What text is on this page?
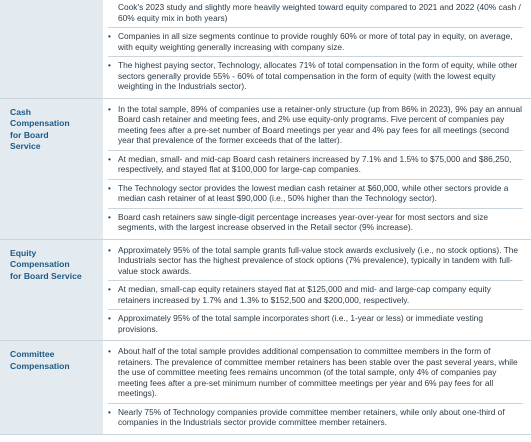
Cook's 2023 study and slightly more heavily weighted toward equity compared to 2021 and 2022 (40% cash / 60% equity mix in both years)
• Companies in all size segments continue to provide roughly 60% or more of total pay in equity, on average, with equity weighting generally increasing with company size.
• The highest paying sector, Technology, allocates 71% of total compensation in the form of equity, while other sectors generally provide 55% - 60% of total compensation in the form of equity (with the lowest equity weighting in the Industrials sector).
Cash
Compensation
for Board
Service
• In the total sample, 89% of companies use a retainer-only structure (up from 86% in 2023), 9% pay an annual Board cash retainer and meeting fees, and 2% use equity-only programs. Five percent of companies pay meeting fees after a pre-set number of Board meetings per year and 4% pay fees for all meetings (second year that prevalence of the former exceeds that of the latter).
• At median, small- and mid-cap Board cash retainers increased by 7.1% and 1.5% to $75,000 and $86,250, respectively, and stayed flat at $100,000 for large-cap companies.
• The Technology sector provides the lowest median cash retainer at $60,000, while other sectors provide a median cash retainer of at least $90,000 (i.e., 50% higher than the Technology sector).
• Board cash retainers saw single-digit percentage increases year-over-year for most sectors and size segments, with the largest increase observed in the Retail sector (9% increase).
Equity
Compensation
for Board Service
• Approximately 95% of the total sample grants full-value stock awards exclusively (i.e., no stock options). The Industrials sector has the highest prevalence of stock options (7% prevalence), typically in tandem with full-value stock awards.
• At median, small-cap equity retainers stayed flat at $125,000 and mid- and large-cap company equity retainers increased by 1.7% and 1.3% to $152,500 and $200,000, respectively.
• Approximately 95% of the total sample incorporates short (i.e., 1-year or less) or immediate vesting provisions.
Committee
Compensation
• About half of the total sample provides additional compensation to committee members in the form of retainers. The prevalence of committee member retainers has been stable over the past several years, while the use of committee meeting fees remains uncommon (of the total sample, only 4% of companies pay meeting fees after a pre-set minimum number of committee meetings per year and 6% pay fees for all meetings).
• Nearly 75% of Technology companies provide committee member retainers, while only about one-third of companies in the Industrials sector provide committee member retainers.
